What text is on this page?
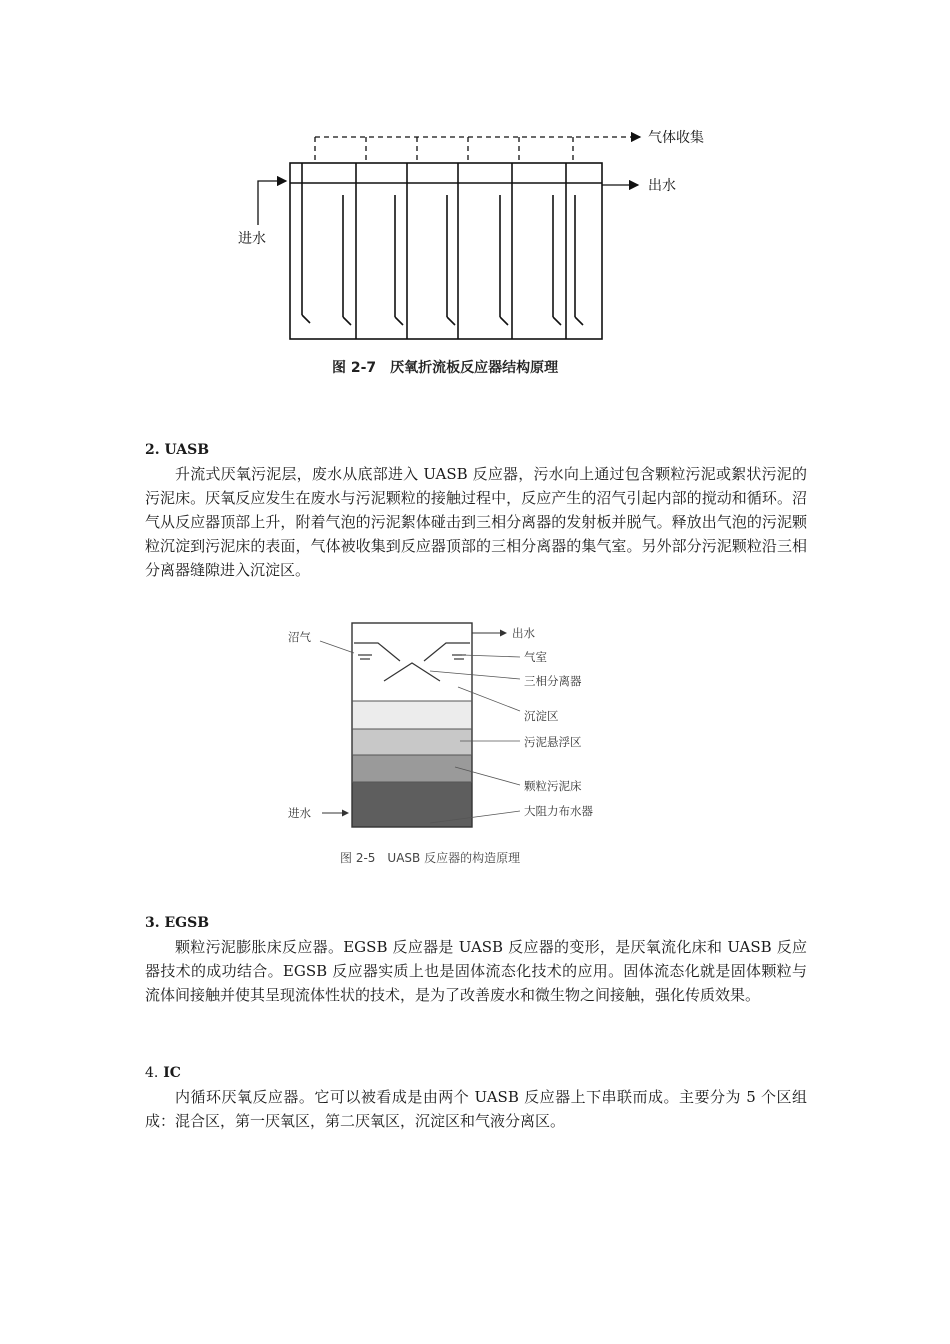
气体收集
出水
进水
图 2-7　厌氧折流板反应器结构原理
2. UASB

升流式厌氧污泥层，废水从底部进入 UASB 反应器，污水向上通过包含颗粒污泥或絮状污泥的污泥床。厌氧反应发生在废水与污泥颗粒的接触过程中，反应产生的沼气引起内部的搅动和循环。沼气从反应器顶部上升，附着气泡的污泥絮体碰击到三相分离器的发射板并脱气。释放出气泡的污泥颗粒沉淀到污泥床的表面，气体被收集到反应器顶部的三相分离器的集气室。另外部分污泥颗粒沿三相分离器缝隙进入沉淀区。

沼气	出水
气室
三相分离器
沉淀区
污泥悬浮区
颗粒污泥床
大阻力布水器
进水
图 2-5　UASB 反应器的构造原理
3. EGSB

颗粒污泥膨胀床反应器。EGSB 反应器是 UASB 反应器的变形，是厌氧流化床和 UASB 反应器技术的成功结合。EGSB 反应器实质上也是固体流态化技术的应用。固体流态化就是固体颗粒与流体间接触并使其呈现流体性状的技术，是为了改善废水和微生物之间接触，强化传质效果。

4. IC

内循环厌氧反应器。它可以被看成是由两个 UASB 反应器上下串联而成。主要分为 5 个区组成：混合区，第一厌氧区，第二厌氧区，沉淀区和气液分离区。
